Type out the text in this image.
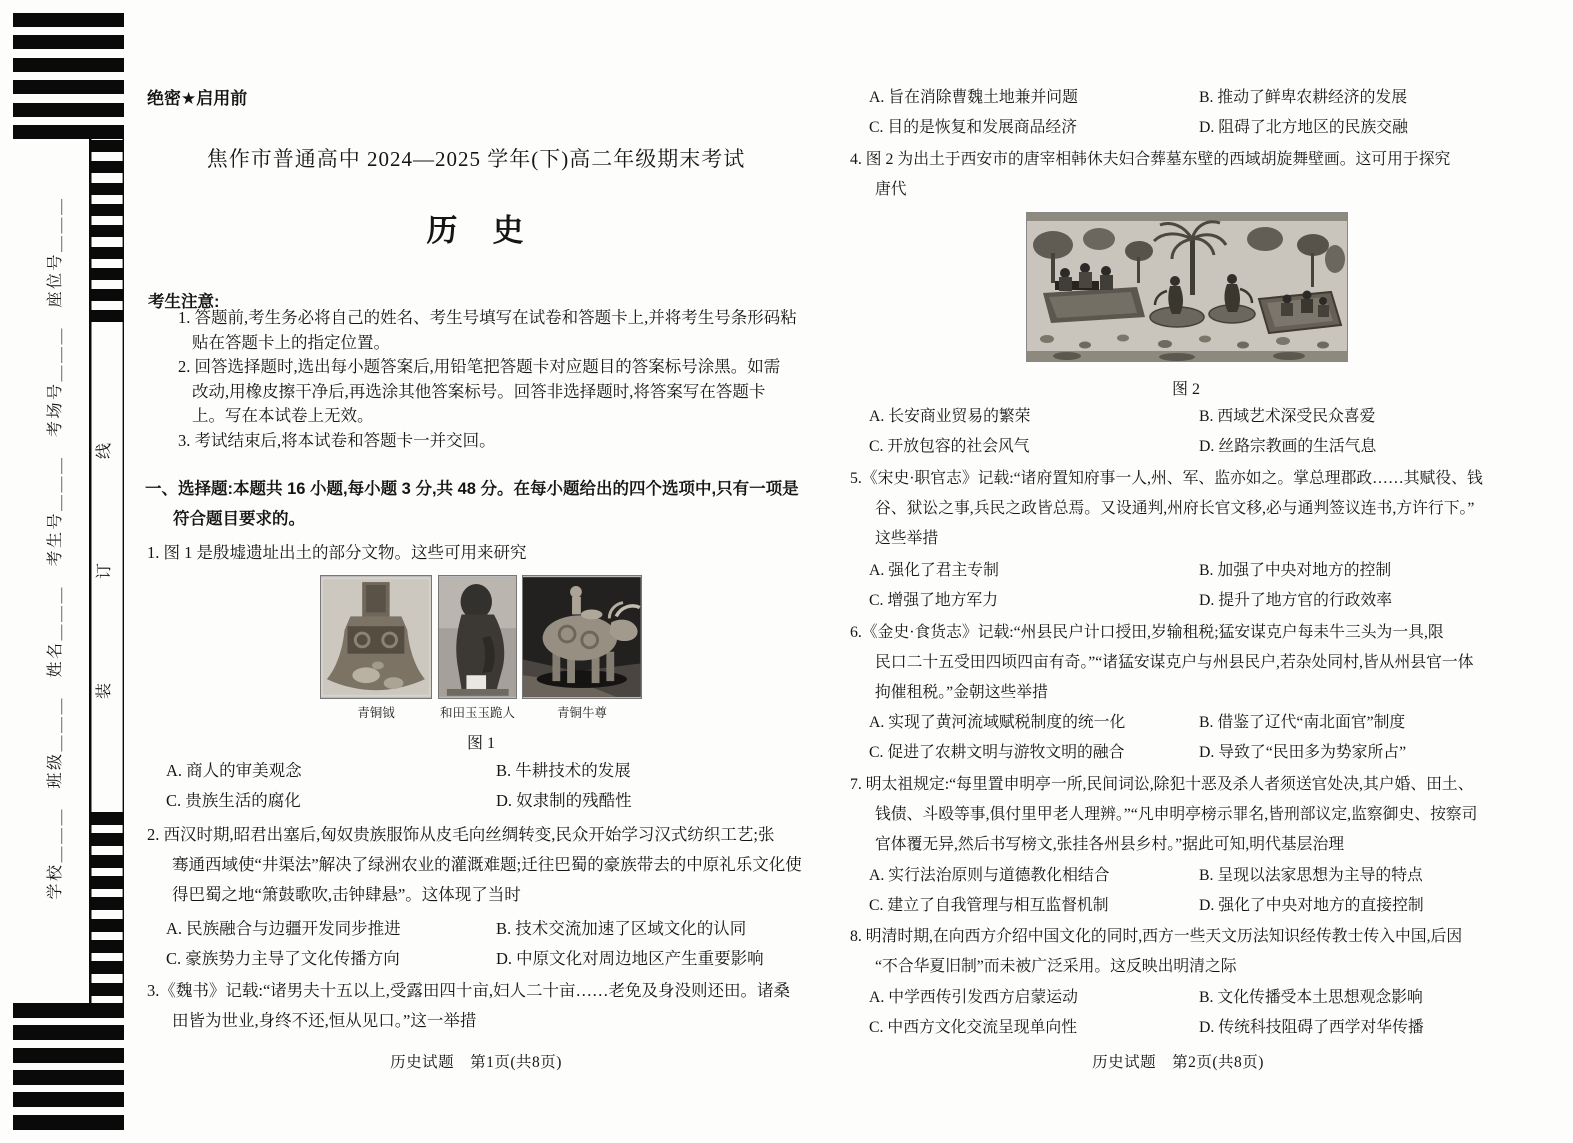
学校＿＿＿　班级＿＿＿　姓名＿＿＿　考生号＿＿＿　考场号＿＿＿　座位号＿＿＿ 装　　　　订　　　　线
绝密★启用前
焦作市普通高中 2024—2025 学年(下)高二年级期末考试
历　史
考生注意:
1. 答题前,考生务必将自己的姓名、考生号填写在试卷和答题卡上,并将考生号条形码粘
贴在答题卡上的指定位置。
2. 回答选择题时,选出每小题答案后,用铅笔把答题卡对应题目的答案标号涂黑。如需
改动,用橡皮擦干净后,再选涂其他答案标号。回答非选择题时,将答案写在答题卡
上。写在本试卷上无效。
3. 考试结束后,将本试卷和答题卡一并交回。
一、选择题:本题共 16 小题,每小题 3 分,共 48 分。在每小题给出的四个选项中,只有一项是
符合题目要求的。
1. 图 1 是殷墟遗址出土的部分文物。这些可用来研究
青铜钺	和田玉玉跪人	青铜牛尊
图 1
A. 商人的审美观念	B. 牛耕技术的发展
C. 贵族生活的腐化	D. 奴隶制的残酷性
2. 西汉时期,昭君出塞后,匈奴贵族服饰从皮毛向丝绸转变,民众开始学习汉式纺织工艺;张
骞通西域使“井渠法”解决了绿洲农业的灌溉难题;迁往巴蜀的豪族带去的中原礼乐文化使
得巴蜀之地“箫鼓歌吹,击钟肆悬”。这体现了当时
A. 民族融合与边疆开发同步推进	B. 技术交流加速了区域文化的认同
C. 豪族势力主导了文化传播方向	D. 中原文化对周边地区产生重要影响
3.《魏书》记载:“诸男夫十五以上,受露田四十亩,妇人二十亩……老免及身没则还田。诸桑
田皆为世业,身终不还,恒从见口。”这一举措
历史试题　第1页(共8页)
A. 旨在消除曹魏土地兼并问题	B. 推动了鲜卑农耕经济的发展
C. 目的是恢复和发展商品经济	D. 阻碍了北方地区的民族交融
4. 图 2 为出土于西安市的唐宰相韩休夫妇合葬墓东壁的西域胡旋舞壁画。这可用于探究
唐代
图 2
A. 长安商业贸易的繁荣	B. 西域艺术深受民众喜爱
C. 开放包容的社会风气	D. 丝路宗教画的生活气息
5.《宋史·职官志》记载:“诸府置知府事一人,州、军、监亦如之。掌总理郡政……其赋役、钱
谷、狱讼之事,兵民之政皆总焉。又设通判,州府长官文移,必与通判签议连书,方许行下。”
这些举措
A. 强化了君主专制	B. 加强了中央对地方的控制
C. 增强了地方军力	D. 提升了地方官的行政效率
6.《金史·食货志》记载:“州县民户计口授田,岁输租税;猛安谋克户每耒牛三头为一具,限
民口二十五受田四顷四亩有奇。”“诸猛安谋克户与州县民户,若杂处同村,皆从州县官一体
拘催租税。”金朝这些举措
A. 实现了黄河流域赋税制度的统一化	B. 借鉴了辽代“南北面官”制度
C. 促进了农耕文明与游牧文明的融合	D. 导致了“民田多为势家所占”
7. 明太祖规定:“每里置申明亭一所,民间词讼,除犯十恶及杀人者须送官处决,其户婚、田土、
钱债、斗殴等事,俱付里甲老人理辨。”“凡申明亭榜示罪名,皆刑部议定,监察御史、按察司
官体覆无异,然后书写榜文,张挂各州县乡村。”据此可知,明代基层治理
A. 实行法治原则与道德教化相结合	B. 呈现以法家思想为主导的特点
C. 建立了自我管理与相互监督机制	D. 强化了中央对地方的直接控制
8. 明清时期,在向西方介绍中国文化的同时,西方一些天文历法知识经传教士传入中国,后因
“不合华夏旧制”而未被广泛采用。这反映出明清之际
A. 中学西传引发西方启蒙运动	B. 文化传播受本土思想观念影响
C. 中西方文化交流呈现单向性	D. 传统科技阻碍了西学对华传播
历史试题　第2页(共8页)
